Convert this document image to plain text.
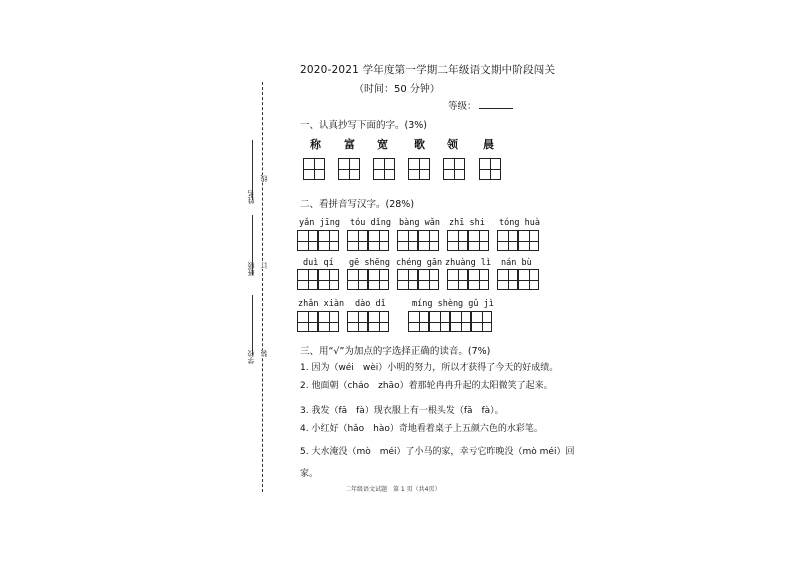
2020-2021 学年度第一学期二年级语文期中阶段闯关
（时间：50 分钟）
等级：
姓名
班级
学校
线
订
装
一、认真抄写下面的字。(3%)
称 富 宽 歌 领 晨
二、看拼音写汉字。(28%)
yǎn jīng tóu dǐng bàng wǎn zhī shi tóng huà
duì qí gē shēng chéng gān zhuàng lì nán bù
zhǎn xiàn dào dǐ	míng shèng gǔ jì
三、用“√”为加点的字选择正确的读音。(7%)
1. 因为（wéi　wèi）小明的努力，所以才获得了今天的好成绩。
2. 他面朝（cháo　zhāo）着那轮冉冉升起的太阳微笑了起来。
3. 我发（fā　fà）现衣服上有一根头发（fā　fà）。
4. 小红好（hǎo　hào）奇地看着桌子上五颜六色的水彩笔。
5. 大水淹没（mò　méi）了小马的家，幸亏它昨晚没（mò méi）回
家。
二年级语文试题　第 1 页（共4页）
